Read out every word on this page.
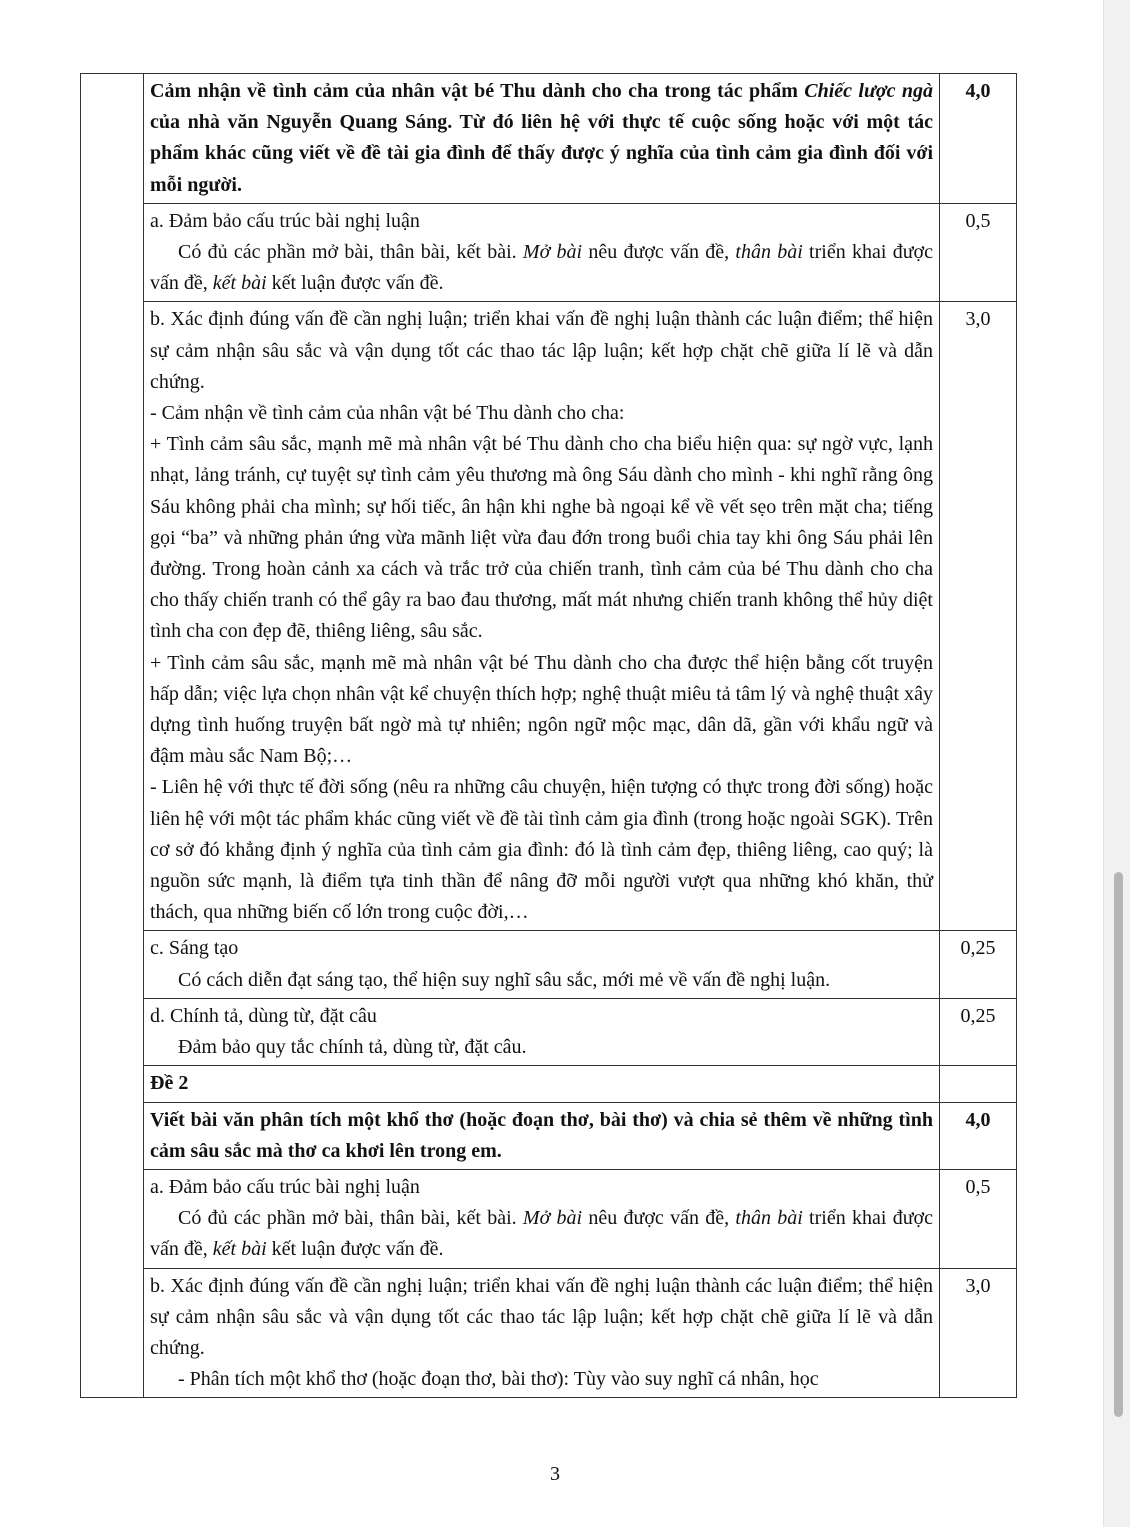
	Cảm nhận về tình cảm của nhân vật bé Thu dành cho cha trong tác phẩm Chiếc lược ngà của nhà văn Nguyễn Quang Sáng. Từ đó liên hệ với thực tế cuộc sống hoặc với một tác phẩm khác cũng viết về đề tài gia đình để thấy được ý nghĩa của tình cảm gia đình đối với mỗi người.	4,0

	a. Đảm bảo cấu trúc bài nghị luận
Có đủ các phần mở bài, thân bài, kết bài. Mở bài nêu được vấn đề, thân bài triển khai được vấn đề, kết bài kết luận được vấn đề.	0,5

	b. Xác định đúng vấn đề cần nghị luận; triển khai vấn đề nghị luận thành các luận điểm; thể hiện sự cảm nhận sâu sắc và vận dụng tốt các thao tác lập luận; kết hợp chặt chẽ giữa lí lẽ và dẫn chứng.
- Cảm nhận về tình cảm của nhân vật bé Thu dành cho cha:
+ Tình cảm sâu sắc, mạnh mẽ mà nhân vật bé Thu dành cho cha biểu hiện qua: sự ngờ vực, lạnh nhạt, lảng tránh, cự tuyệt sự tình cảm yêu thương mà ông Sáu dành cho mình - khi nghĩ rằng ông Sáu không phải cha mình; sự hối tiếc, ân hận khi nghe bà ngoại kể về vết sẹo trên mặt cha; tiếng gọi “ba” và những phản ứng vừa mãnh liệt vừa đau đớn trong buổi chia tay khi ông Sáu phải lên đường. Trong hoàn cảnh xa cách và trắc trở của chiến tranh, tình cảm của bé Thu dành cho cha cho thấy chiến tranh có thể gây ra bao đau thương, mất mát nhưng chiến tranh không thể hủy diệt tình cha con đẹp đẽ, thiêng liêng, sâu sắc.
+ Tình cảm sâu sắc, mạnh mẽ mà nhân vật bé Thu dành cho cha được thể hiện bằng cốt truyện hấp dẫn; việc lựa chọn nhân vật kể chuyện thích hợp; nghệ thuật miêu tả tâm lý và nghệ thuật xây dựng tình huống truyện bất ngờ mà tự nhiên; ngôn ngữ mộc mạc, dân dã, gần với khẩu ngữ và đậm màu sắc Nam Bộ;…
- Liên hệ với thực tế đời sống (nêu ra những câu chuyện, hiện tượng có thực trong đời sống) hoặc liên hệ với một tác phẩm khác cũng viết về đề tài tình cảm gia đình (trong hoặc ngoài SGK). Trên cơ sở đó khẳng định ý nghĩa của tình cảm gia đình: đó là tình cảm đẹp, thiêng liêng, cao quý; là nguồn sức mạnh, là điểm tựa tinh thần để nâng đỡ mỗi người vượt qua những khó khăn, thử thách, qua những biến cố lớn trong cuộc đời,…	3,0

	c. Sáng tạo
Có cách diễn đạt sáng tạo, thể hiện suy nghĩ sâu sắc, mới mẻ về vấn đề nghị luận.	0,25

	d. Chính tả, dùng từ, đặt câu
Đảm bảo quy tắc chính tả, dùng từ, đặt câu.	0,25
	Đề 2	
	Viết bài văn phân tích một khổ thơ (hoặc đoạn thơ, bài thơ) và chia sẻ thêm về những tình cảm sâu sắc mà thơ ca khơi lên trong em.	4,0

	a. Đảm bảo cấu trúc bài nghị luận
Có đủ các phần mở bài, thân bài, kết bài. Mở bài nêu được vấn đề, thân bài triển khai được vấn đề, kết bài kết luận được vấn đề.	0,5

	b. Xác định đúng vấn đề cần nghị luận; triển khai vấn đề nghị luận thành các luận điểm; thể hiện sự cảm nhận sâu sắc và vận dụng tốt các thao tác lập luận; kết hợp chặt chẽ giữa lí lẽ và dẫn chứng.
- Phân tích một khổ thơ (hoặc đoạn thơ, bài thơ): Tùy vào suy nghĩ cá nhân, học	3,0
3
